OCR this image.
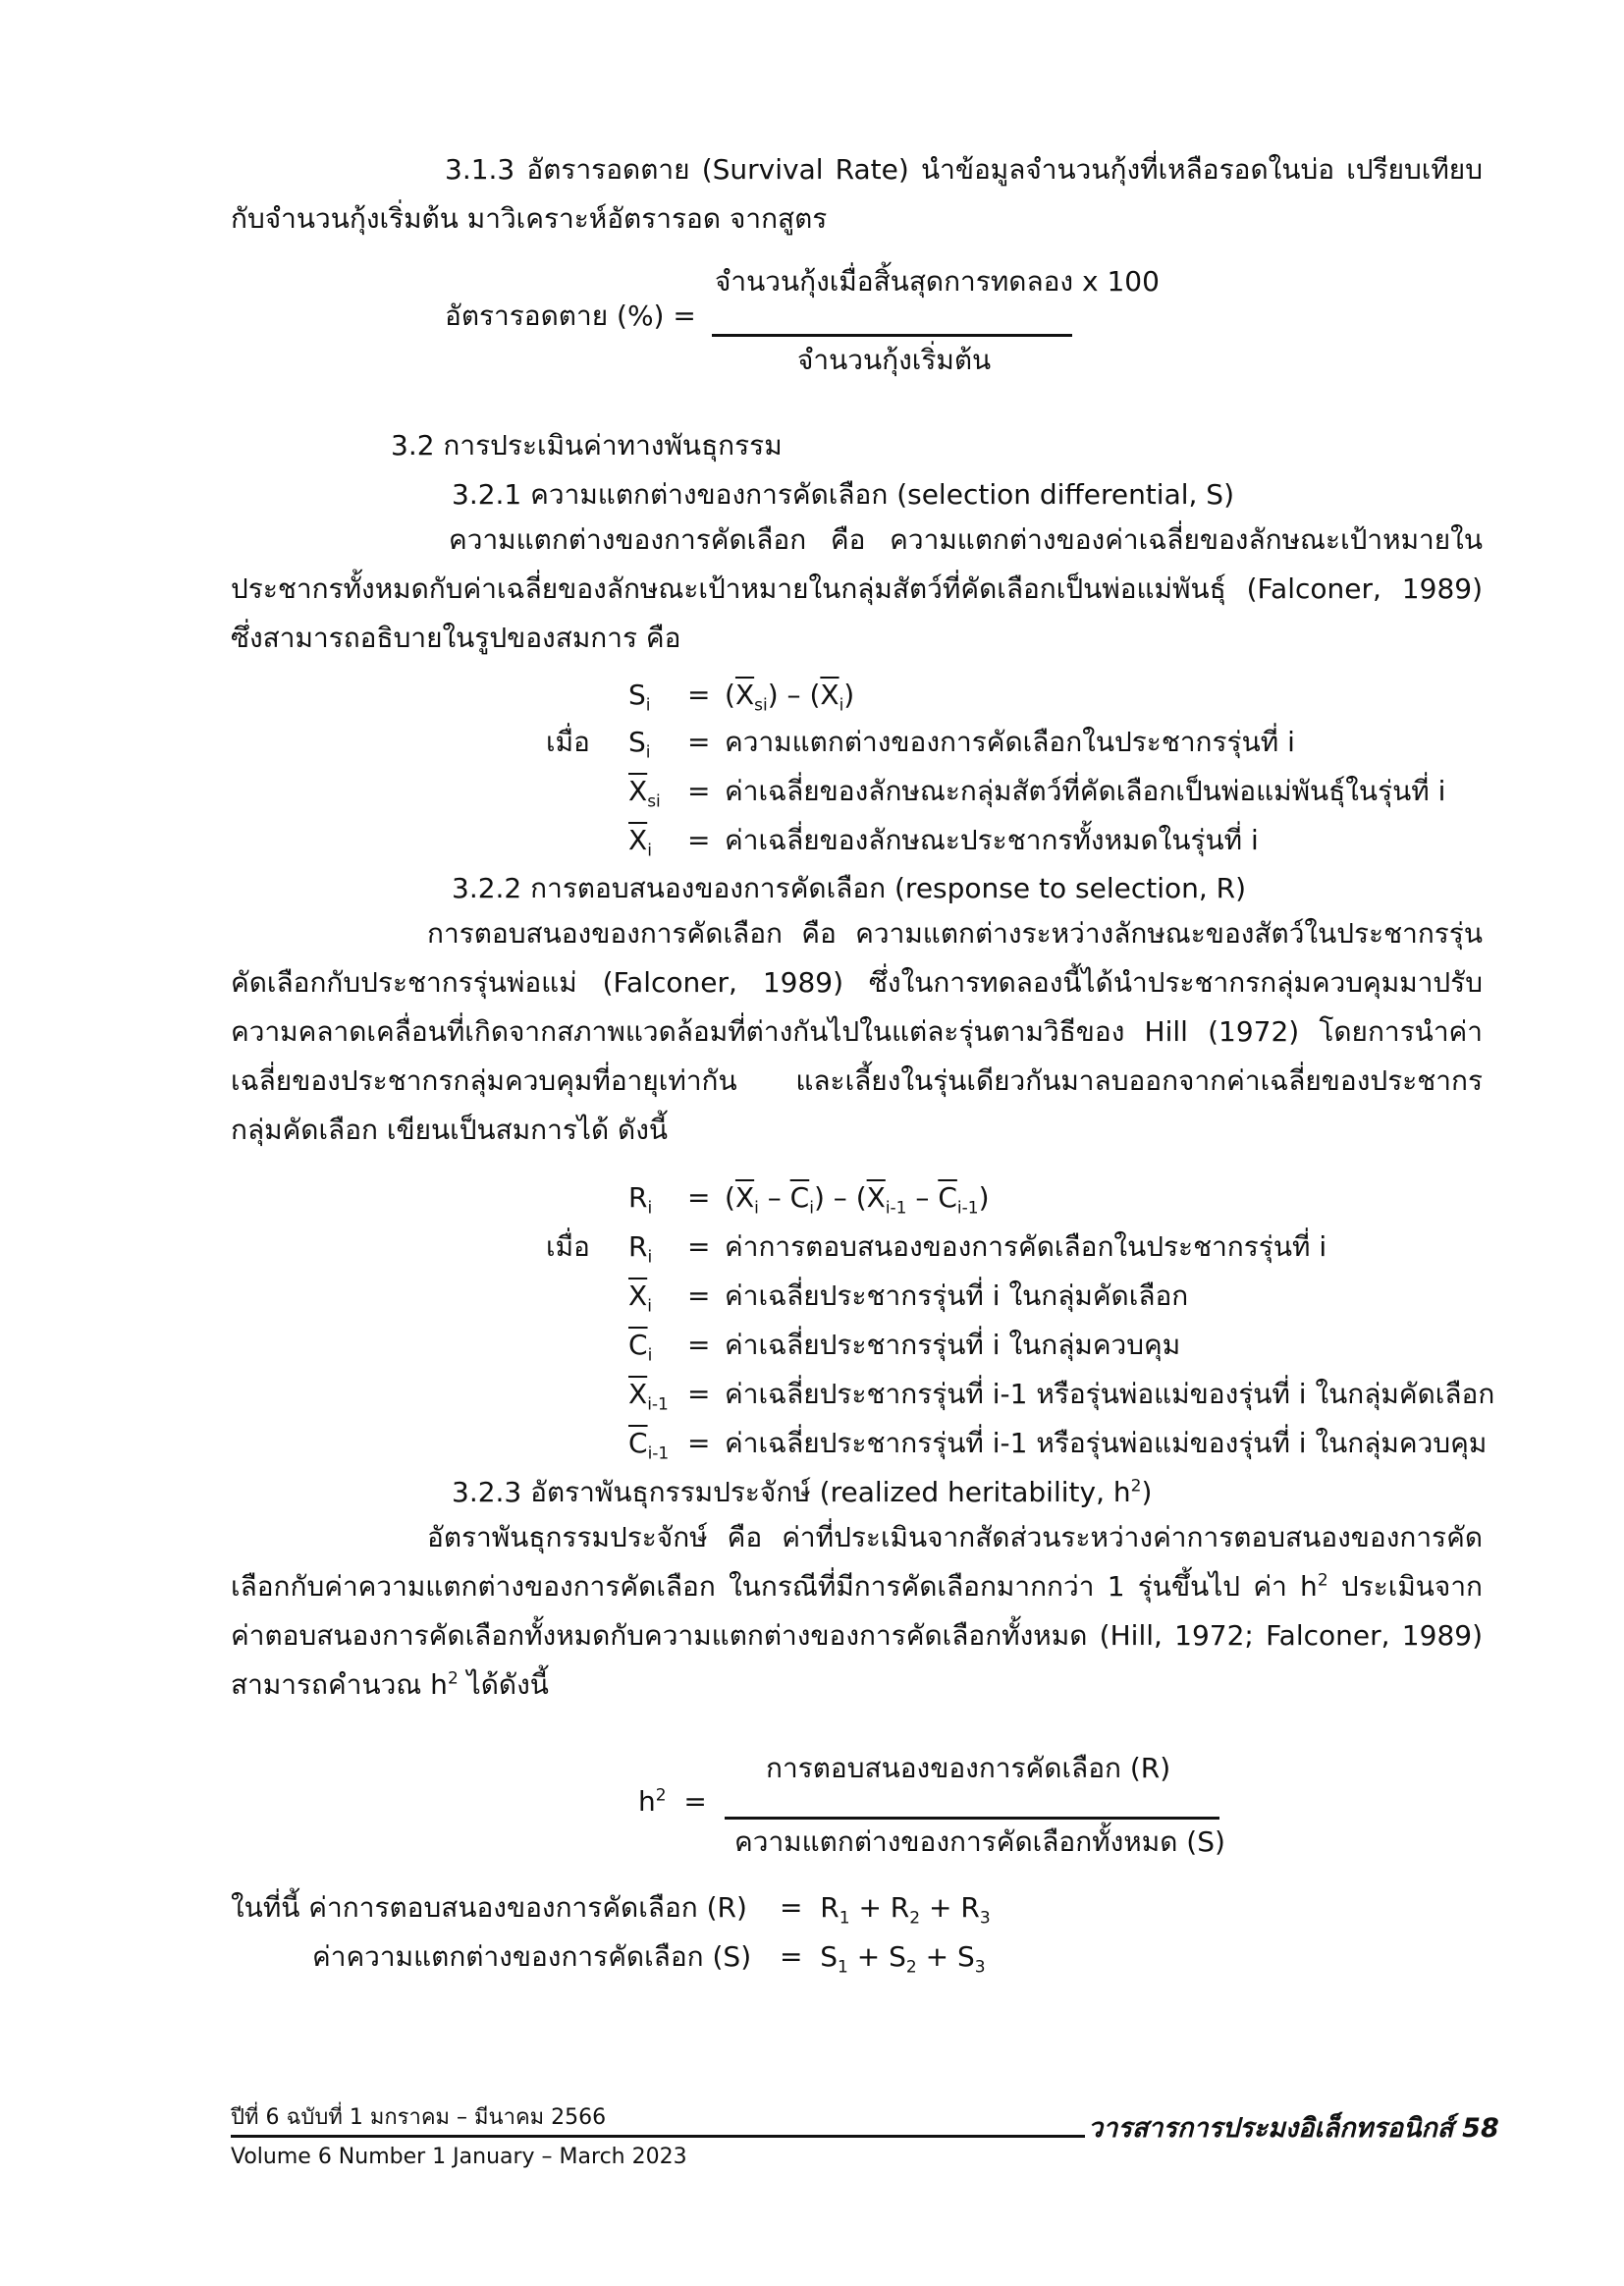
3.1.3 อัตรารอดตาย (Survival Rate) นำข้อมูลจำนวนกุ้งที่เหลือรอดในบ่อ เปรียบเทียบกับจำนวนกุ้งเริ่มต้น มาวิเคราะห์อัตรารอด จากสูตร
จำนวนกุ้งเมื่อสิ้นสุดการทดลอง x 100
อัตรารอดตาย (%) =
จำนวนกุ้งเริ่มต้น
3.2 การประเมินค่าทางพันธุกรรม
3.2.1 ความแตกต่างของการคัดเลือก (selection differential, S)
ความแตกต่างของการคัดเลือก คือ ความแตกต่างของค่าเฉลี่ยของลักษณะเป้าหมายในประชากรทั้งหมดกับค่าเฉลี่ยของลักษณะเป้าหมายในกลุ่มสัตว์ที่คัดเลือกเป็นพ่อแม่พันธุ์ (Falconer, 1989) ซึ่งสามารถอธิบายในรูปของสมการ คือ
$S_i = (\overline{X}_{si}) - (\overline{X}_i)$
เมื่อ $S_i$ = ความแตกต่างของการคัดเลือกในประชากรรุ่นที่ i
$\overline{X}_{si}$ = ค่าเฉลี่ยของลักษณะกลุ่มสัตว์ที่คัดเลือกเป็นพ่อแม่พันธุ์ในรุ่นที่ i
$\overline{X}_i$ = ค่าเฉลี่ยของลักษณะประชากรทั้งหมดในรุ่นที่ i
3.2.2 การตอบสนองของการคัดเลือก (response to selection, R)
การตอบสนองของการคัดเลือก คือ ความแตกต่างระหว่างลักษณะของสัตว์ในประชากรรุ่นคัดเลือกกับประชากรรุ่นพ่อแม่ (Falconer, 1989) ซึ่งในการทดลองนี้ได้นำประชากรกลุ่มควบคุมมาปรับความคลาดเคลื่อนที่เกิดจากสภาพแวดล้อมที่ต่างกันไปในแต่ละรุ่นตามวิธีของ Hill (1972) โดยการนำค่าเฉลี่ยของประชากรกลุ่มควบคุมที่อายุเท่ากัน และเลี้ยงในรุ่นเดียวกันมาลบออกจากค่าเฉลี่ยของประชากรกลุ่มคัดเลือก เขียนเป็นสมการได้ ดังนี้
$R_i = (\overline{X}_i - \overline{C}_i) - (\overline{X}_{i-1} - \overline{C}_{i-1})$
เมื่อ $R_i$ = ค่าการตอบสนองของการคัดเลือกในประชากรรุ่นที่ i
$\overline{X}_i$ = ค่าเฉลี่ยประชากรรุ่นที่ i ในกลุ่มคัดเลือก
$\overline{C}_i$ = ค่าเฉลี่ยประชากรรุ่นที่ i ในกลุ่มควบคุม
$\overline{X}_{i-1}$ = ค่าเฉลี่ยประชากรรุ่นที่ i-1 หรือรุ่นพ่อแม่ของรุ่นที่ i ในกลุ่มคัดเลือก
$\overline{C}_{i-1}$ = ค่าเฉลี่ยประชากรรุ่นที่ i-1 หรือรุ่นพ่อแม่ของรุ่นที่ i ในกลุ่มควบคุม
3.2.3 อัตราพันธุกรรมประจักษ์ (realized heritability, $h^2$)
อัตราพันธุกรรมประจักษ์ คือ ค่าที่ประเมินจากสัดส่วนระหว่างค่าการตอบสนองของการคัดเลือกกับค่าความแตกต่างของการคัดเลือก ในกรณีที่มีการคัดเลือกมากกว่า 1 รุ่นขึ้นไป ค่า $h^2$ ประเมินจากค่าตอบสนองการคัดเลือกทั้งหมดกับความแตกต่างของการคัดเลือกทั้งหมด (Hill, 1972; Falconer, 1989) สามารถคำนวณ $h^2$ ได้ดังนี้
การตอบสนองของการคัดเลือก (R)
$h^2$  =
ความแตกต่างของการคัดเลือกทั้งหมด (S)
ในที่นี้ ค่าการตอบสนองของการคัดเลือก $(R) = R_1 + R_2 + R_3$
ค่าความแตกต่างของการคัดเลือก $(S) = S_1 + S_2 + S_3$
ปีที่ 6 ฉบับที่ 1 มกราคม – มีนาคม 2566	วารสารการประมงอิเล็กทรอนิกส์ 58
Volume 6 Number 1 January – March 2023
